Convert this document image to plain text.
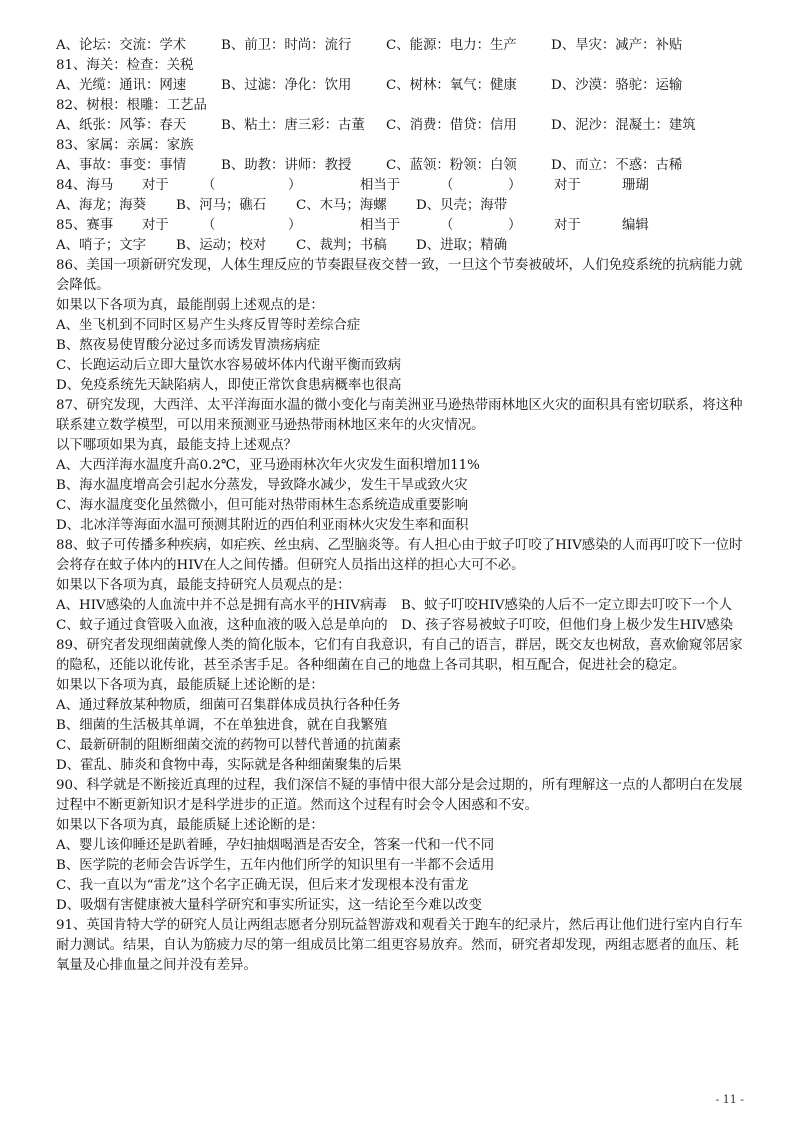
A、论坛：交流：学术	B、前卫：时尚：流行	C、能源：电力：生产	D、旱灾：减产：补贴
81、海关：检查：关税
A、光缆：通讯：网速	B、过滤：净化：饮用	C、树林：氧气：健康	D、沙漠：骆驼：运输
82、树根：根雕：工艺品
A、纸张：风筝：春天	B、粘土：唐三彩：古董	C、消费：借贷：信用	D、泥沙：混凝土：建筑
83、家属：亲属：家族
A、事故：事变：事情	B、助教：讲师：教授	C、蓝领：粉领：白领	D、而立：不惑：古稀
84、海马	对于	（	）	相当于	（	）	对于	珊瑚
A、海龙；海葵	B、河马；礁石	C、木马；海螺	D、贝壳；海带
85、赛事	对于	（	）	相当于	（	）	对于	编辑
A、哨子；文字	B、运动；校对	C、裁判；书稿	D、进取；精确
86、美国一项新研究发现，人体生理反应的节奏跟昼夜交替一致，一旦这个节奏被破坏，人们免疫系统的抗病能力就会降低。
如果以下各项为真，最能削弱上述观点的是：
A、坐飞机到不同时区易产生头疼反胃等时差综合症
B、熬夜易使胃酸分泌过多而诱发胃溃疡病症
C、长跑运动后立即大量饮水容易破坏体内代谢平衡而致病
D、免疫系统先天缺陷病人，即使正常饮食患病概率也很高
87、研究发现，大西洋、太平洋海面水温的微小变化与南美洲亚马逊热带雨林地区火灾的面积具有密切联系，将这种联系建立数学模型，可以用来预测亚马逊热带雨林地区来年的火灾情况。
以下哪项如果为真，最能支持上述观点？
A、大西洋海水温度升高0.2℃，亚马逊雨林次年火灾发生面积增加11%
B、海水温度增高会引起水分蒸发，导致降水减少，发生干旱或致火灾
C、海水温度变化虽然微小，但可能对热带雨林生态系统造成重要影响
D、北冰洋等海面水温可预测其附近的西伯利亚雨林火灾发生率和面积
88、蚊子可传播多种疾病，如疟疾、丝虫病、乙型脑炎等。有人担心由于蚊子叮咬了HIV感染的人而再叮咬下一位时会将存在蚊子体内的HIV在人之间传播。但研究人员指出这样的担心大可不必。
如果以下各项为真，最能支持研究人员观点的是：
A、HIV感染的人血流中并不总是拥有高水平的HIV病毒	B、蚊子叮咬HIV感染的人后不一定立即去叮咬下一个人
C、蚊子通过食管吸入血液，这种血液的吸入总是单向的 D、孩子容易被蚊子叮咬，但他们身上极少发生HIV感染
89、研究者发现细菌就像人类的简化版本，它们有自我意识，有自己的语言，群居，既交友也树敌，喜欢偷窥邻居家的隐私，还能以讹传讹，甚至杀害手足。各种细菌在自己的地盘上各司其职，相互配合，促进社会的稳定。
如果以下各项为真，最能质疑上述论断的是：
A、通过释放某种物质，细菌可召集群体成员执行各种任务
B、细菌的生活极其单调，不在单独进食，就在自我繁殖
C、最新研制的阻断细菌交流的药物可以替代普通的抗菌素
D、霍乱、肺炎和食物中毒，实际就是各种细菌聚集的后果
90、科学就是不断接近真理的过程，我们深信不疑的事情中很大部分是会过期的，所有理解这一点的人都明白在发展过程中不断更新知识才是科学进步的正道。然而这个过程有时会令人困惑和不安。
如果以下各项为真，最能质疑上述论断的是：
A、婴儿该仰睡还是趴着睡，孕妇抽烟喝酒是否安全，答案一代和一代不同
B、医学院的老师会告诉学生，五年内他们所学的知识里有一半都不会适用
C、我一直以为“雷龙”这个名字正确无误，但后来才发现根本没有雷龙
D、吸烟有害健康被大量科学研究和事实所证实，这一结论至今难以改变
91、英国肯特大学的研究人员让两组志愿者分别玩益智游戏和观看关于跑车的纪录片，然后再让他们进行室内自行车耐力测试。结果，自认为筋疲力尽的第一组成员比第二组更容易放弃。然而，研究者却发现，两组志愿者的血压、耗氧量及心排血量之间并没有差异。
- 11 -
